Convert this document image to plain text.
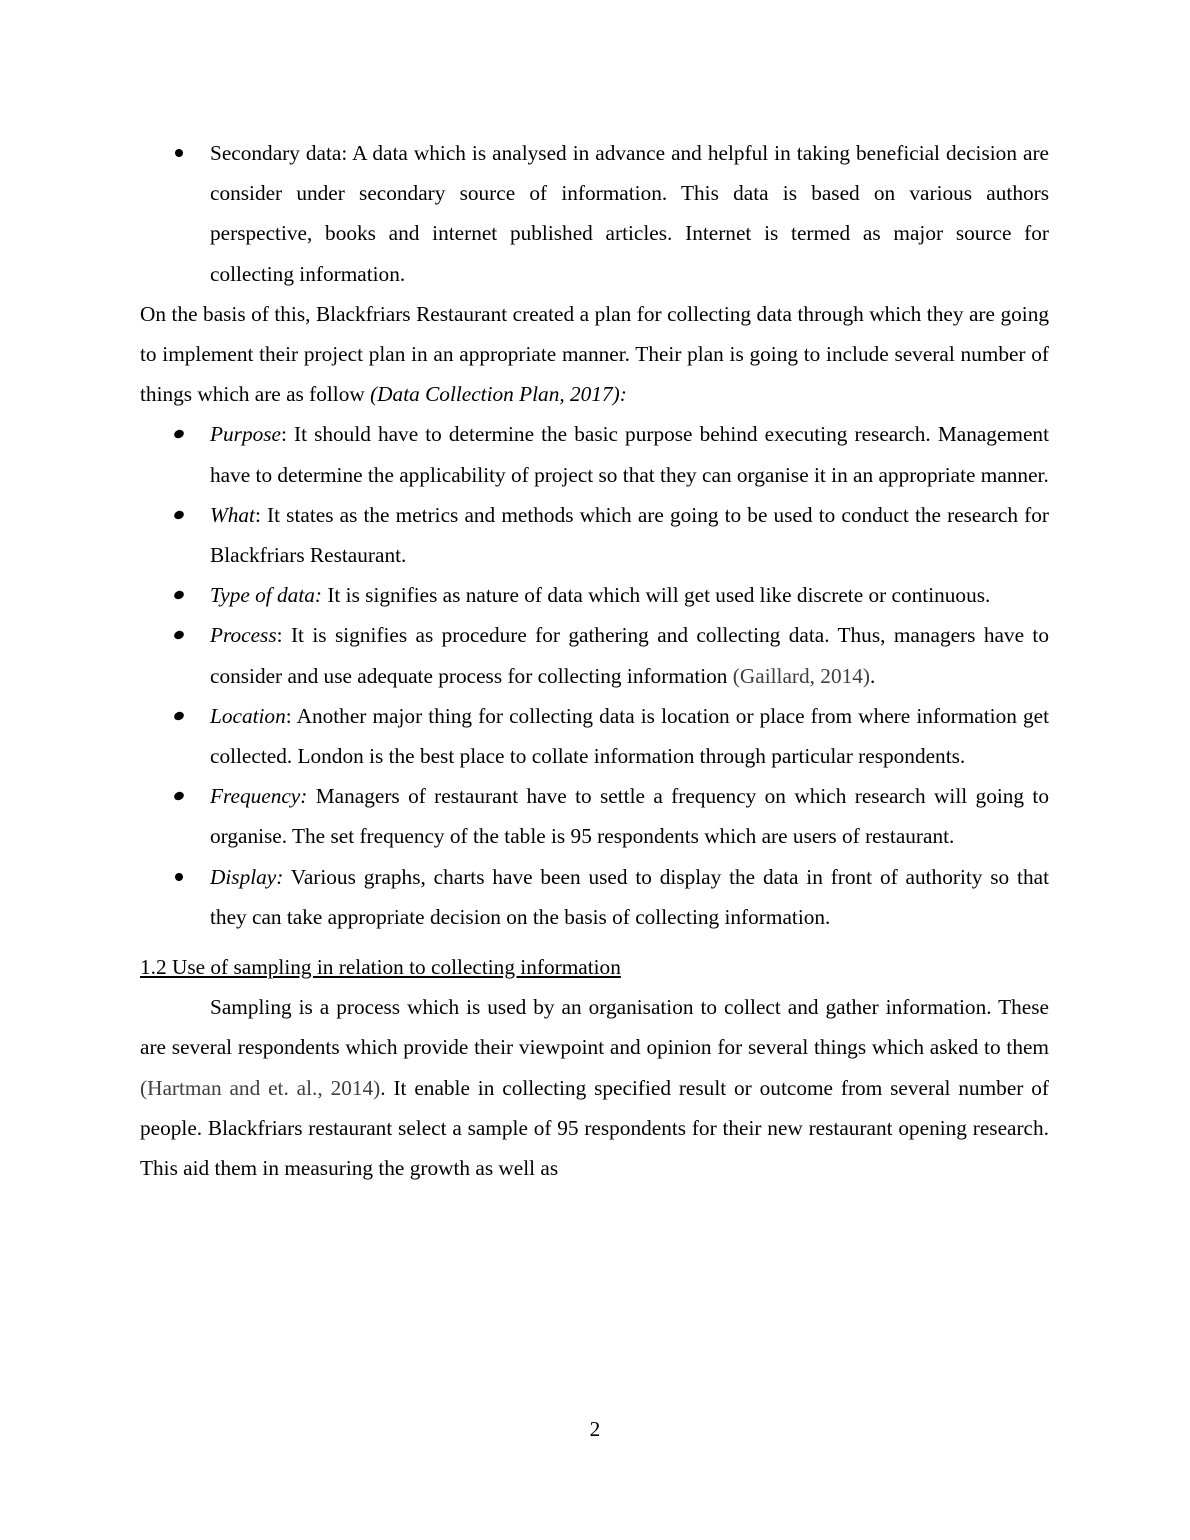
Secondary data: A data which is analysed in advance and helpful in taking beneficial decision are consider under secondary source of information. This data is based on various authors perspective, books and internet published articles. Internet is termed as major source for collecting information.

On the basis of this, Blackfriars Restaurant created a plan for collecting data through which they are going to implement their project plan in an appropriate manner. Their plan is going to include several number of things which are as follow (Data Collection Plan, 2017):

Purpose: It should have to determine the basic purpose behind executing research. Management have to determine the applicability of project so that they can organise it in an appropriate manner.
What: It states as the metrics and methods which are going to be used to conduct the research for Blackfriars Restaurant.
Type of data: It is signifies as nature of data which will get used like discrete or continuous.
Process: It is signifies as procedure for gathering and collecting data. Thus, managers have to consider and use adequate process for collecting information (Gaillard, 2014).
Location: Another major thing for collecting data is location or place from where information get collected. London is the best place to collate information through particular respondents.
Frequency: Managers of restaurant have to settle a frequency on which research will going to organise. The set frequency of the table is 95 respondents which are users of restaurant.
Display: Various graphs, charts have been used to display the data in front of authority so that they can take appropriate decision on the basis of collecting information.

1.2 Use of sampling in relation to collecting information

Sampling is a process which is used by an organisation to collect and gather information. These are several respondents which provide their viewpoint and opinion for several things which asked to them (Hartman and et. al., 2014). It enable in collecting specified result or outcome from several number of people. Blackfriars restaurant select a sample of 95 respondents for their new restaurant opening research. This aid them in measuring the growth as well as

2
